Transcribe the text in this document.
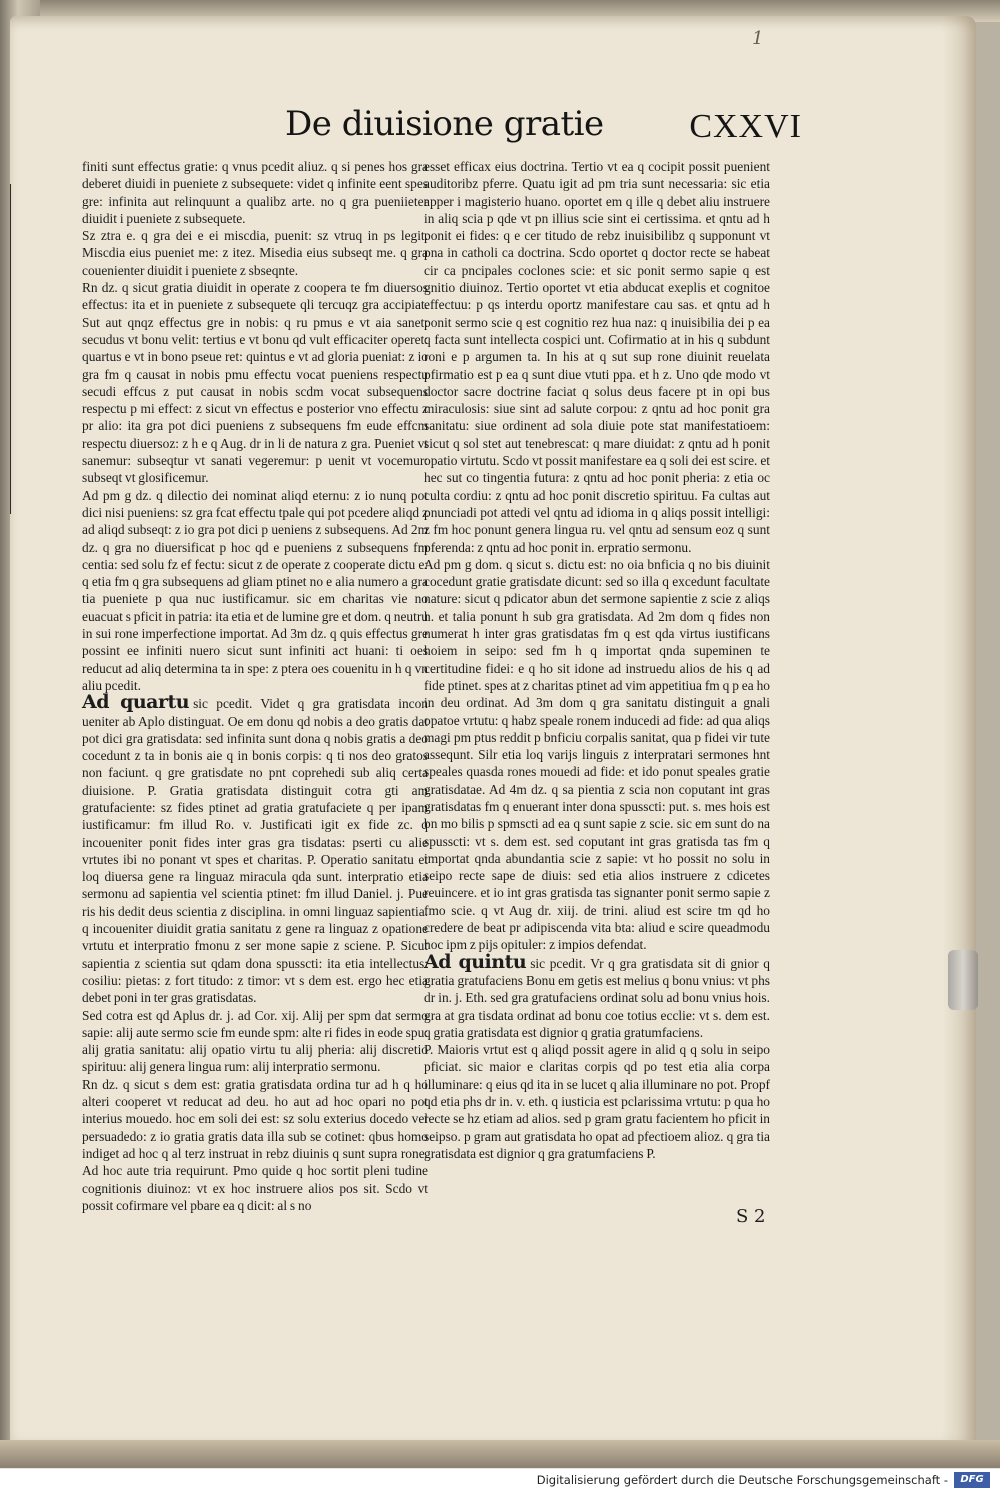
1
De diuisione gratie	CXXVI

finiti sunt effectus gratie: q vnus pcedit aliuz. q si penes hos gra deberet diuidi in pueniete z subsequete: videt q infinite eent spes gre: infinita aut relinquunt a qualibz arte. no q gra pueniieter diuidit i pueniete z subsequete.

Sz ztra e. q gra dei e ei miscdia, puenit: sz vtruq in ps legit. Miscdia eius pueniet me: z itez. Misedia eius subseqt me. q gra couenienter diuidit i pueniete z sbseqnte.

Rn dz. q sicut gratia diuidit in operate z coopera te fm diuersos effectus: ita et in pueniete z subsequete qli tercuqz gra accipiat. Sut aut qnqz effectus gre in nobis: q ru pmus e vt aia sanet: secudus vt bonu velit: tertius e vt bonu qd vult efficaciter operet: quartus e vt in bono pseue ret: quintus e vt ad gloria pueniat: z io gra fm q causat in nobis pmu effectu vocat pueniens respectu secudi effcus z put causat in nobis scdm vocat subsequens respectu p mi effect: z sicut vn effectus e posterior vno effectu z pr alio: ita gra pot dici pueniens z subsequens fm eude effcm respectu diuersoz: z h e q Aug. dr in li de natura z gra. Pueniet vt sanemur: subseqtur vt sanati vegeremur: p uenit vt vocemur: subseqt vt glosificemur.

Ad pm g dz. q dilectio dei nominat aliqd eternu: z io nunq pot dici nisi pueniens: sz gra fcat effectu tpale qui pot pcedere aliqd z ad aliqd subseqt: z io gra pot dici p ueniens z subsequens. Ad 2m dz. q gra no diuersificat p hoc qd e pueniens z subsequens fm centia: sed solu fz ef fectu: sicut z de operate z cooperate dictu e: q etia fm q gra subsequens ad gliam ptinet no e alia numero a gra tia pueniete p qua nuc iustificamur. sic em charitas vie no euacuat s pficit in patria: ita etia et de lumine gre et dom. q neutru in sui rone imperfectione importat. Ad 3m dz. q quis effectus gre possint ee infiniti nuero sicut sunt infiniti act huani: ti oes reducut ad aliq determina ta in spe: z ptera oes couenitu in h q vn aliu pcedit.

Ad quartu sic pcedit. Videt q gra gratisdata incon ueniter ab Aplo distinguat. Oe em donu qd nobis a deo gratis dat pot dici gra gratisdata: sed infinita sunt dona q nobis gratis a deo cocedunt z ta in bonis aie q in bonis corpis: q ti nos deo gratos non faciunt. q gre gratisdate no pnt coprehedi sub aliq certa diuisione. P. Gratia gratisdata distinguit cotra gti am gratufaciente: sz fides ptinet ad gratia gratufaciete q per ipam iustificamur: fm illud Ro. v. Justificati igit ex fide zc. q incoueniter ponit fides inter gras gra tisdatas: pserti cu alie vrtutes ibi no ponant vt spes et charitas. P. Operatio sanitatu et loq diuersa gene ra linguaz miracula qda sunt. interpratio etia sermonu ad sapientia vel scientia ptinet: fm illud Daniel. j. Pue ris his dedit deus scientia z disciplina. in omni linguaz sapientia. q incoueniter diuidit gratia sanitatu z gene ra linguaz z opatione vrtutu et interpratio fmonu z ser mone sapie z sciene. P. Sicut sapientia z scientia sut qdam dona spusscti: ita etia intellectus: cosiliu: pietas: z fort titudo: z timor: vt s dem est. ergo hec etia debet poni in ter gras gratisdatas.

Sed cotra est qd Aplus dr. j. ad Cor. xij. Alij per spm dat sermo sapie: alij aute sermo scie fm eunde spm: alte ri fides in eode spu: alij gratia sanitatu: alij opatio virtu tu alij pheria: alij discretio spirituu: alij genera lingua rum: alij interpratio sermonu.

Rn dz. q sicut s dem est: gratia gratisdata ordina tur ad h q ho alteri cooperet vt reducat ad deu. ho aut ad hoc opari no pot interius mouedo. hoc em soli dei est: sz solu exterius docedo vel persuadedo: z io gratia gratis data illa sub se cotinet: qbus homo indiget ad hoc q al terz instruat in rebz diuinis q sunt supra rone. Ad hoc aute tria requirunt. Pmo quide q hoc sortit pleni tudine cognitionis diuinoz: vt ex hoc instruere alios pos sit. Scdo vt possit cofirmare vel pbare ea q dicit: al s no

esset efficax eius doctrina. Tertio vt ea q cocipit possit puenient auditoribz pferre. Quatu igit ad pm tria sunt necessaria: sic etia apper i magisterio huano. oportet em q ille q debet aliu instruere in aliq scia p qde vt pn illius scie sint ei certissima. et qntu ad h ponit ei fides: q e cer titudo de rebz inuisibilibz q supponunt vt pna in catholi ca doctrina. Scdo oportet q doctor recte se habeat cir ca pncipales coclones scie: et sic ponit sermo sapie q est gnitio diuinoz. Tertio oportet vt etia abducat exeplis et cognitoe effectuu: p qs interdu oportz manifestare cau sas. et qntu ad h ponit sermo scie q est cognitio rez hua naz: q inuisibilia dei p ea q facta sunt intellecta cospici unt. Cofirmatio at in his q subdunt roni e p argumen ta. In his at q sut sup rone diuinit reuelata pfirmatio est p ea q sunt diue vtuti ppa. et h z. Uno qde modo vt doctor sacre doctrine faciat q solus deus facere pt in opi bus miraculosis: siue sint ad salute corpou: z qntu ad hoc ponit gra sanitatu: siue ordinent ad sola diuie pote stat manifestatioem: sicut q sol stet aut tenebrescat: q mare diuidat: z qntu ad h ponit opatio virtutu. Scdo vt possit manifestare ea q soli dei est scire. et hec sut co tingentia futura: z qntu ad hoc ponit pheria: z etia oc culta cordiu: z qntu ad hoc ponit discretio spirituu. Fa cultas aut pnunciadi pot attedi vel qntu ad idioma in q aliqs possit intelligi: z fm hoc ponunt genera lingua ru. vel qntu ad sensum eoz q sunt pferenda: z qntu ad hoc ponit in. erpratio sermonu.

Ad pm g dom. q sicut s. dictu est: no oia bnficia q no bis diuinit cocedunt gratie gratisdate dicunt: sed so illa q excedunt facultate nature: sicut q pdicator abun det sermone sapientie z scie z aliqs h. et talia ponunt h sub gra gratisdata. Ad 2m dom q fides non numerat h inter gras gratisdatas fm q est qda virtus iustificans hoiem in seipo: sed fm h q importat qnda supeminen te certitudine fidei: e q ho sit idone ad instruedu alios de his q ad fide ptinet. spes at z charitas ptinet ad vim appetitiua fm q p ea ho in deu ordinat. Ad 3m dom q gra sanitatu distinguit a gnali opatoe vrtutu: q habz speale ronem inducedi ad fide: ad qua aliqs magi pm ptus reddit p bnficiu corpalis sanitat, qua p fidei vir tute assequnt. Silr etia loq varijs linguis z interpratari sermones hnt speales quasda rones mouedi ad fide: et ido ponut speales gratie gratisdatae. Ad 4m dz. q sa pientia z scia non coputant int gras gratisdatas fm q enuerant inter dona spusscti: put. s. mes hois est bn mo bilis p spmscti ad ea q sunt sapie z scie. sic em sunt do na spusscti: vt s. dem est. sed coputant int gras gratisda tas fm q importat qnda abundantia scie z sapie: vt ho possit no solu in seipo recte sape de diuis: sed etia alios instruere z cdicetes reuincere. et io int gras gratisda tas signanter ponit sermo sapie z fmo scie. q vt Aug dr. xiij. de trini. aliud est scire tm qd ho credere de beat pr adipiscenda vita bta: aliud e scire queadmodu hoc ipm z pijs opituler: z impios defendat.

Ad quintu sic pcedit. Vr q gra gratisdata sit di gnior q gratia gratufaciens Bonu em getis est melius q bonu vnius: vt phs dr in. j. Eth. sed gra gratufaciens ordinat solu ad bonu vnius hois. gra at gra tisdata ordinat ad bonu coe totius ecclie: vt s. dem est. q gratia gratisdata est dignior q gratia gratumfaciens.

P. Maioris vrtut est q aliqd possit agere in alid q q solu in seipo pficiat. sic maior e claritas corpis qd po test etia alia corpa illuminare: q eius qd ita in se lucet q alia illuminare no pot. Propf qd etia phs dr in. v. eth. q iusticia est pclarissima vrtutu: p qua ho recte se hz etiam ad alios. sed p gram gratu facientem ho pficit in seipso. p gram aut gratisdata ho opat ad pfectioem alioz. q gra tia gratisdata est dignior q gra gratumfaciens P.

S 2
Digitalisierung gefördert durch die Deutsche Forschungsgemeinschaft -	DFG
